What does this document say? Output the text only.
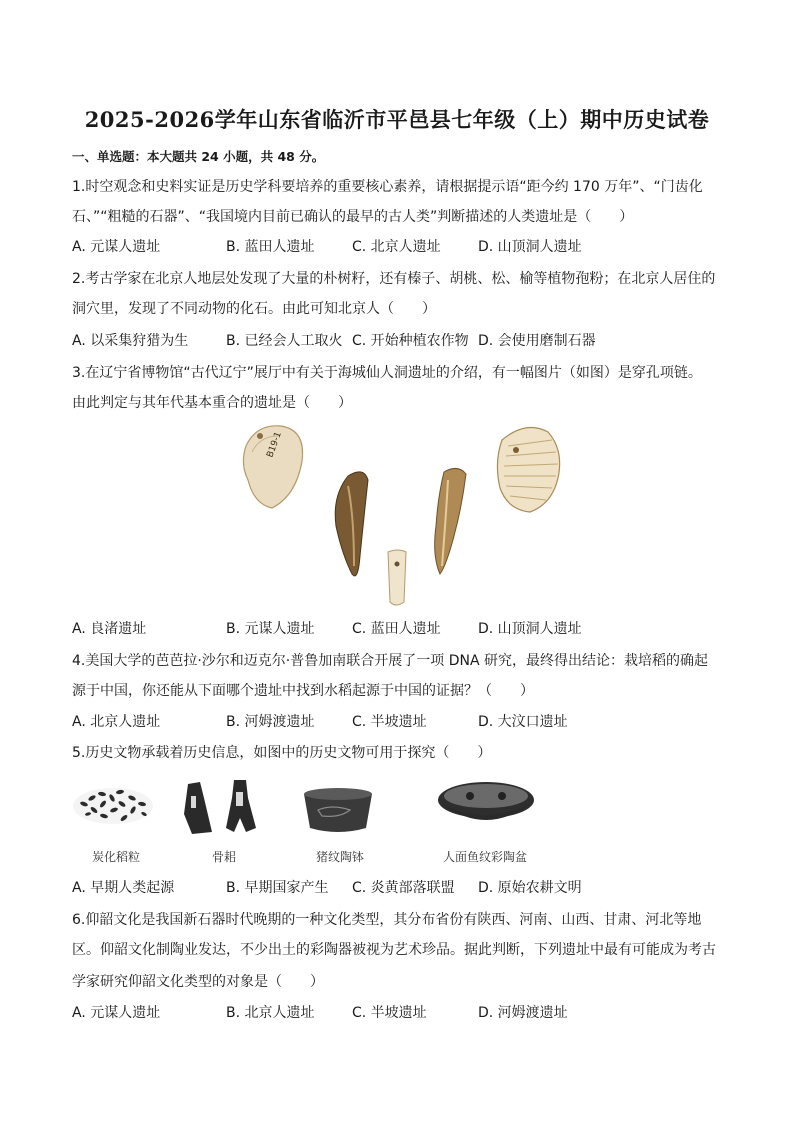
2025-2026学年山东省临沂市平邑县七年级（上）期中历史试卷
一、单选题：本大题共 24 小题，共 48 分。
1.时空观念和史料实证是历史学科要培养的重要核心素养，请根据提示语“距今约 170 万年”、“门齿化
石、”“粗糙的石器”、“我国境内目前已确认的最早的古人类”判断描述的人类遗址是（　　）
A. 元谋人遗址	B. 蓝田人遗址	C. 北京人遗址	D. 山顶洞人遗址
2.考古学家在北京人地层处发现了大量的朴树籽，还有榛子、胡桃、松、榆等植物孢粉；在北京人居住的
洞穴里，发现了不同动物的化石。由此可知北京人（　　）
A. 以采集狩猎为生	B. 已经会人工取火 C. 开始种植农作物 D. 会使用磨制石器
3.在辽宁省博物馆“古代辽宁”展厅中有关于海城仙人洞遗址的介绍，有一幅图片（如图）是穿孔项链。
由此判定与其年代基本重合的遗址是（　　）
B19-1
A. 良渚遗址	B. 元谋人遗址	C. 蓝田人遗址	D. 山顶洞人遗址
4.美国大学的芭芭拉·沙尔和迈克尔·普鲁加南联合开展了一项 DNA 研究，最终得出结论：栽培稻的确起
源于中国，你还能从下面哪个遗址中找到水稻起源于中国的证据？（　　）
A. 北京人遗址	B. 河姆渡遗址	C. 半坡遗址	D. 大汶口遗址
5.历史文物承载着历史信息，如图中的历史文物可用于探究（　　）
炭化稻粒	骨耜	猪纹陶钵	人面鱼纹彩陶盆
A. 早期人类起源	B. 早期国家产生 C. 炎黄部落联盟 D. 原始农耕文明
6.仰韶文化是我国新石器时代晚期的一种文化类型，其分布省份有陕西、河南、山西、甘肃、河北等地
区。仰韶文化制陶业发达，不少出土的彩陶器被视为艺术珍品。据此判断，下列遗址中最有可能成为考古
学家研究仰韶文化类型的对象是（　　）
A. 元谋人遗址	B. 北京人遗址	C. 半坡遗址	D. 河姆渡遗址
